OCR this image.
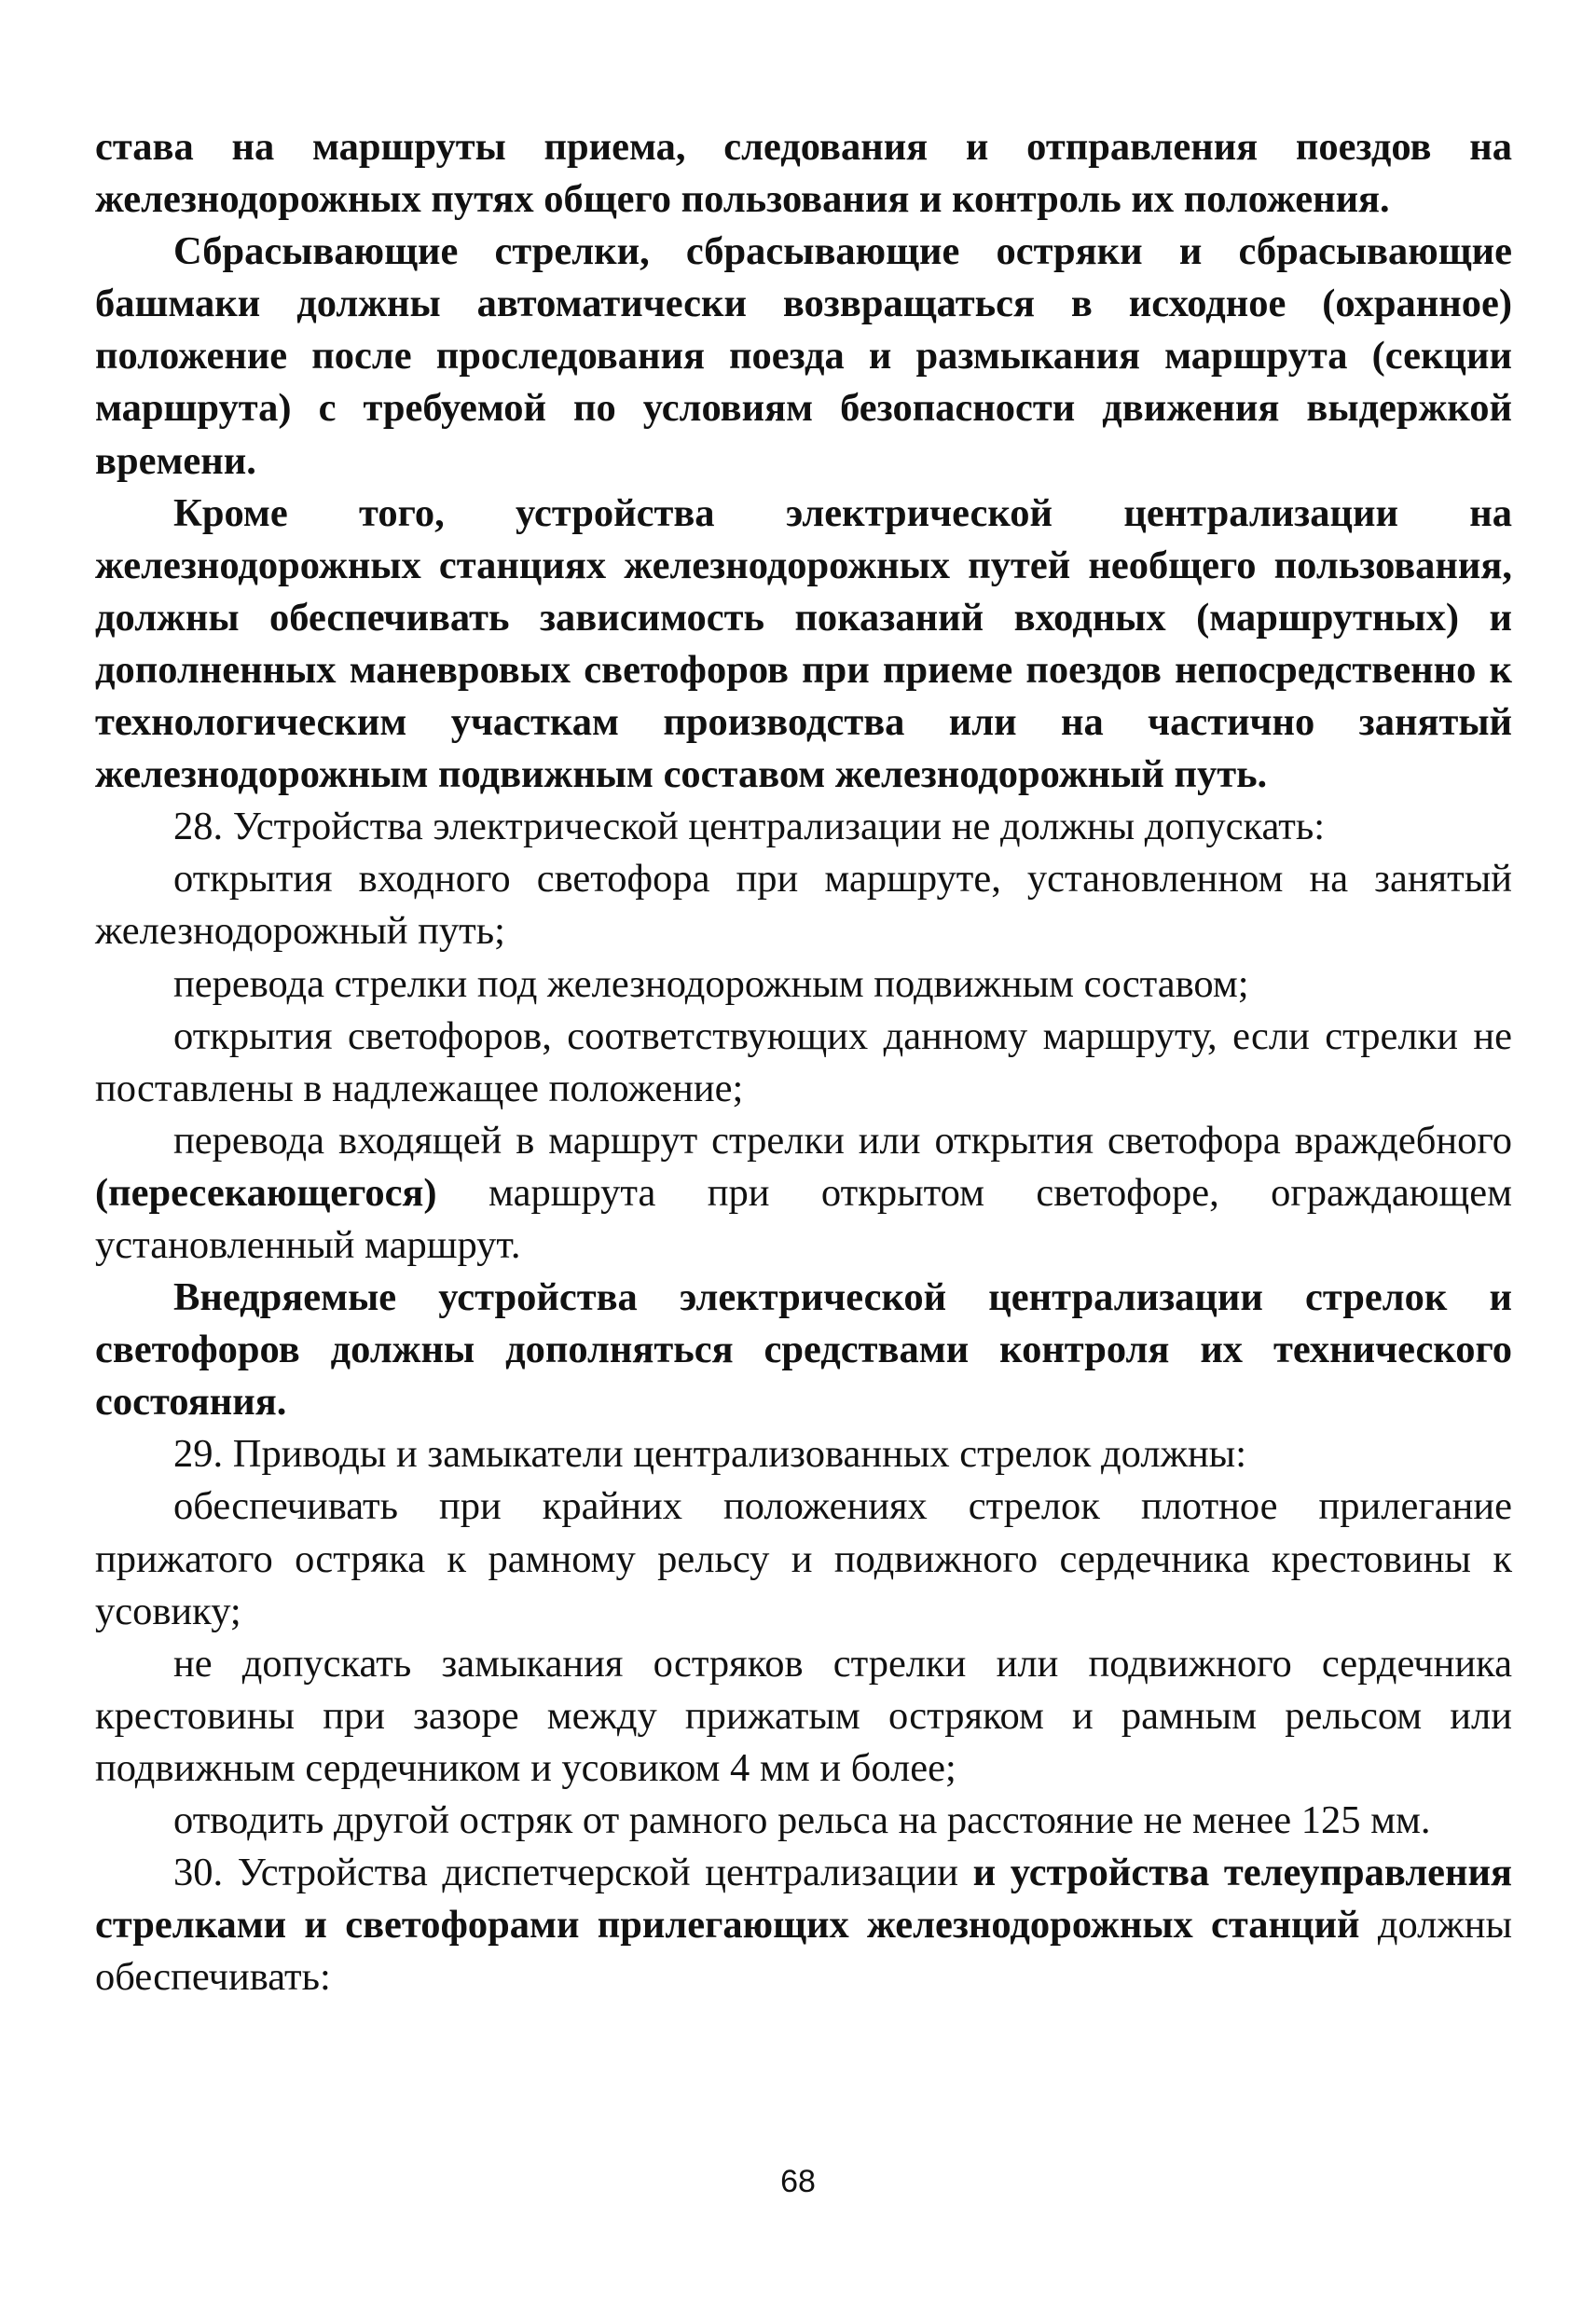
става на маршруты приема, следования и отправления поездов на железнодорожных путях общего пользования и контроль их положения.

Сбрасывающие стрелки, сбрасывающие остряки и сбрасывающие башмаки должны автоматически возвращаться в исходное (охранное) положение после проследования поезда и размыкания маршрута (секции маршрута) с требуемой по условиям безопасности движения выдержкой времени.

Кроме того, устройства электрической централизации на железнодорожных станциях железнодорожных путей необщего пользования, должны обеспечивать зависимость показаний входных (маршрутных) и дополненных маневровых светофоров при приеме поездов непосредственно к технологическим участкам производства или на частично занятый железнодорожным подвижным составом железнодорожный путь.

28. Устройства электрической централизации не должны допускать:

открытия входного светофора при маршруте, установленном на занятый железнодорожный путь;

перевода стрелки под железнодорожным подвижным составом;

открытия светофоров, соответствующих данному маршруту, если стрелки не поставлены в надлежащее положение;

перевода входящей в маршрут стрелки или открытия светофора враждебного (пересекающегося) маршрута при открытом светофоре, ограждающем установленный маршрут.

Внедряемые устройства электрической централизации стрелок и светофоров должны дополняться средствами контроля их технического состояния.

29. Приводы и замыкатели централизованных стрелок должны:

обеспечивать при крайних положениях стрелок плотное прилегание прижатого остряка к рамному рельсу и подвижного сердечника крестовины к усовику;

не допускать замыкания остряков стрелки или подвижного сердечника крестовины при зазоре между прижатым остряком и рамным рельсом или подвижным сердечником и усовиком 4 мм и более;

отводить другой остряк от рамного рельса на расстояние не менее 125 мм.

30. Устройства диспетчерской централизации и устройства телеуправления стрелками и светофорами прилегающих железнодорожных станций должны обеспечивать:

68
